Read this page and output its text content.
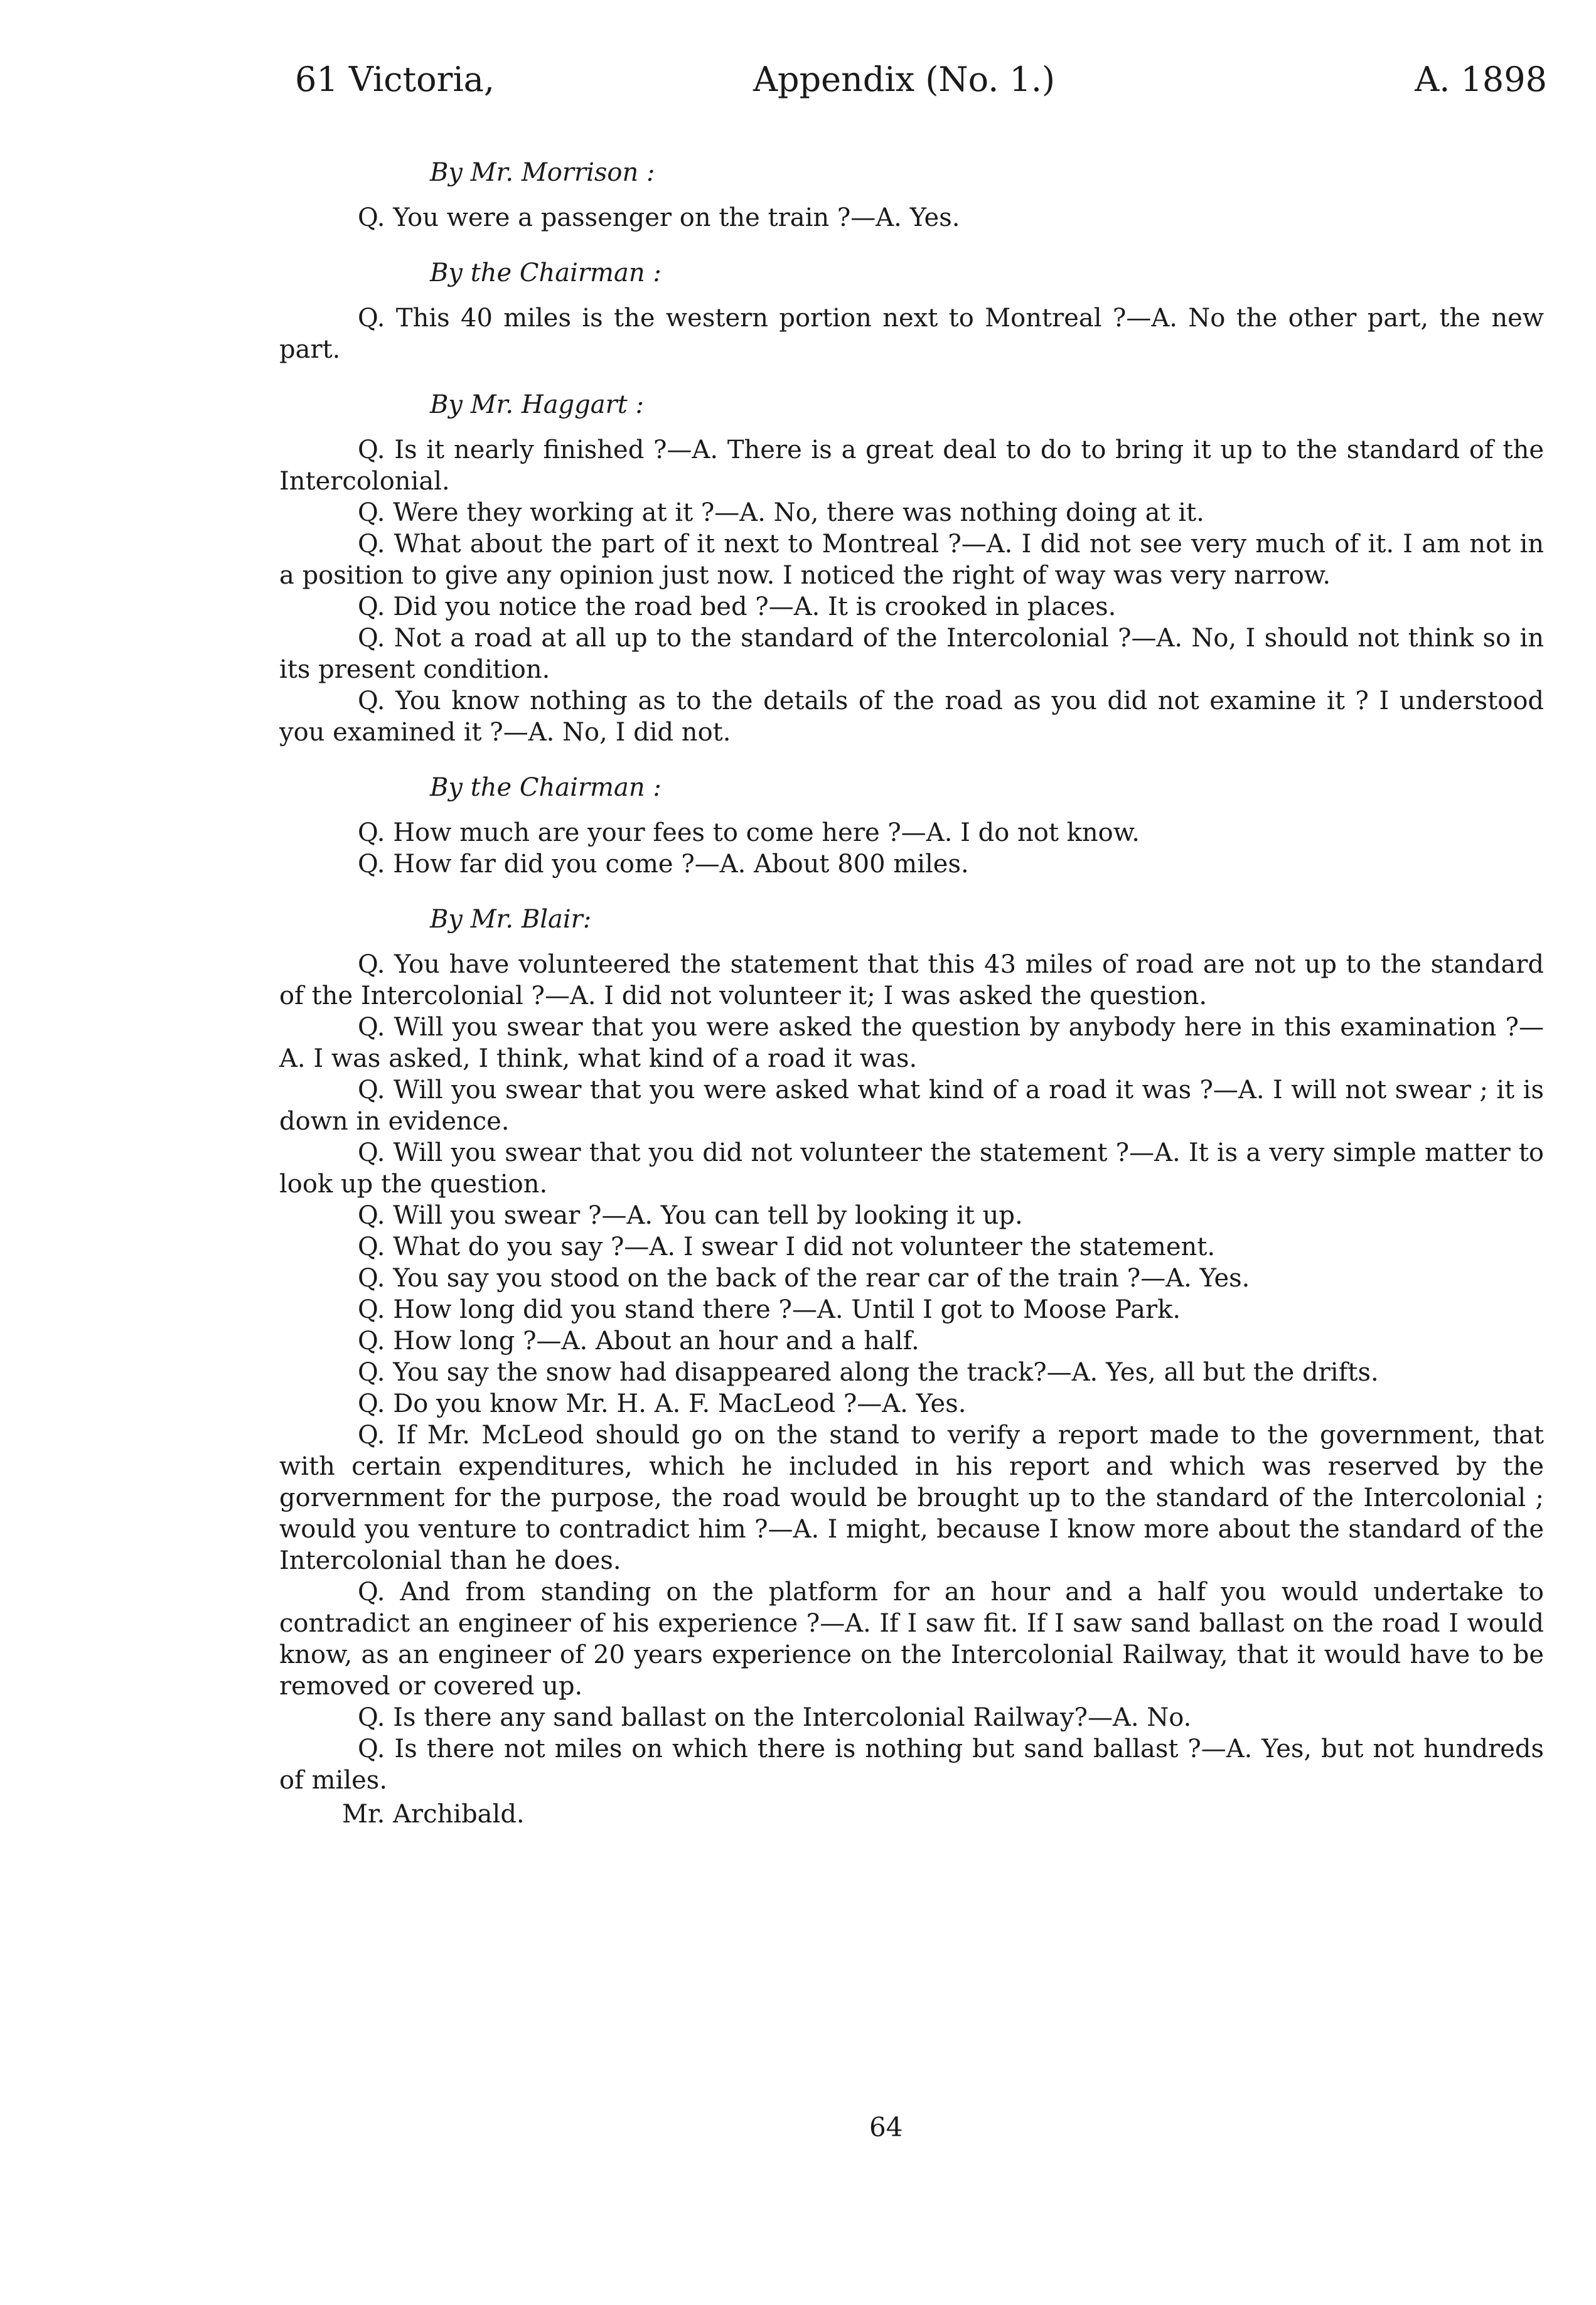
61 Victoria,	Appendix (No. 1.)	A. 1898
By Mr. Morrison :

Q. You were a passenger on the train ?—A. Yes.

By the Chairman :

Q. This 40 miles is the western portion next to Montreal ?—A. No the other part, the new part.

By Mr. Haggart :

Q. Is it nearly finished ?—A. There is a great deal to do to bring it up to the standard of the Intercolonial.

Q. Were they working at it ?—A. No, there was nothing doing at it.

Q. What about the part of it next to Montreal ?—A. I did not see very much of it. I am not in a position to give any opinion just now. I noticed the right of way was very narrow.

Q. Did you notice the road bed ?—A. It is crooked in places.

Q. Not a road at all up to the standard of the Intercolonial ?—A. No, I should not think so in its present condition.

Q. You know nothing as to the details of the road as you did not examine it ? I understood you examined it ?—A. No, I did not.

By the Chairman :

Q. How much are your fees to come here ?—A. I do not know.

Q. How far did you come ?—A. About 800 miles.

By Mr. Blair:

Q. You have volunteered the statement that this 43 miles of road are not up to the standard of the Intercolonial ?—A. I did not volunteer it; I was asked the question.

Q. Will you swear that you were asked the question by anybody here in this examination ?—A. I was asked, I think, what kind of a road it was.

Q. Will you swear that you were asked what kind of a road it was ?—A. I will not swear ; it is down in evidence.

Q. Will you swear that you did not volunteer the statement ?—A. It is a very simple matter to look up the question.

Q. Will you swear ?—A. You can tell by looking it up.

Q. What do you say ?—A. I swear I did not volunteer the statement.

Q. You say you stood on the back of the rear car of the train ?—A. Yes.

Q. How long did you stand there ?—A. Until I got to Moose Park.

Q. How long ?—A. About an hour and a half.

Q. You say the snow had disappeared along the track?—A. Yes, all but the drifts.

Q. Do you know Mr. H. A. F. MacLeod ?—A. Yes.

Q. If Mr. McLeod should go on the stand to verify a report made to the government, that with certain expenditures, which he included in his report and which was reserved by the gorvernment for the purpose, the road would be brought up to the standard of the Intercolonial ; would you venture to contradict him ?—A. I might, because I know more about the standard of the Intercolonial than he does.

Q. And from standing on the platform for an hour and a half you would undertake to contradict an engineer of his experience ?—A. If I saw fit. If I saw sand ballast on the road I would know, as an engineer of 20 years experience on the Intercolonial Railway, that it would have to be removed or covered up.

Q. Is there any sand ballast on the Intercolonial Railway?—A. No.

Q. Is there not miles on which there is nothing but sand ballast ?—A. Yes, but not hundreds of miles.

Mr. Archibald.
64
